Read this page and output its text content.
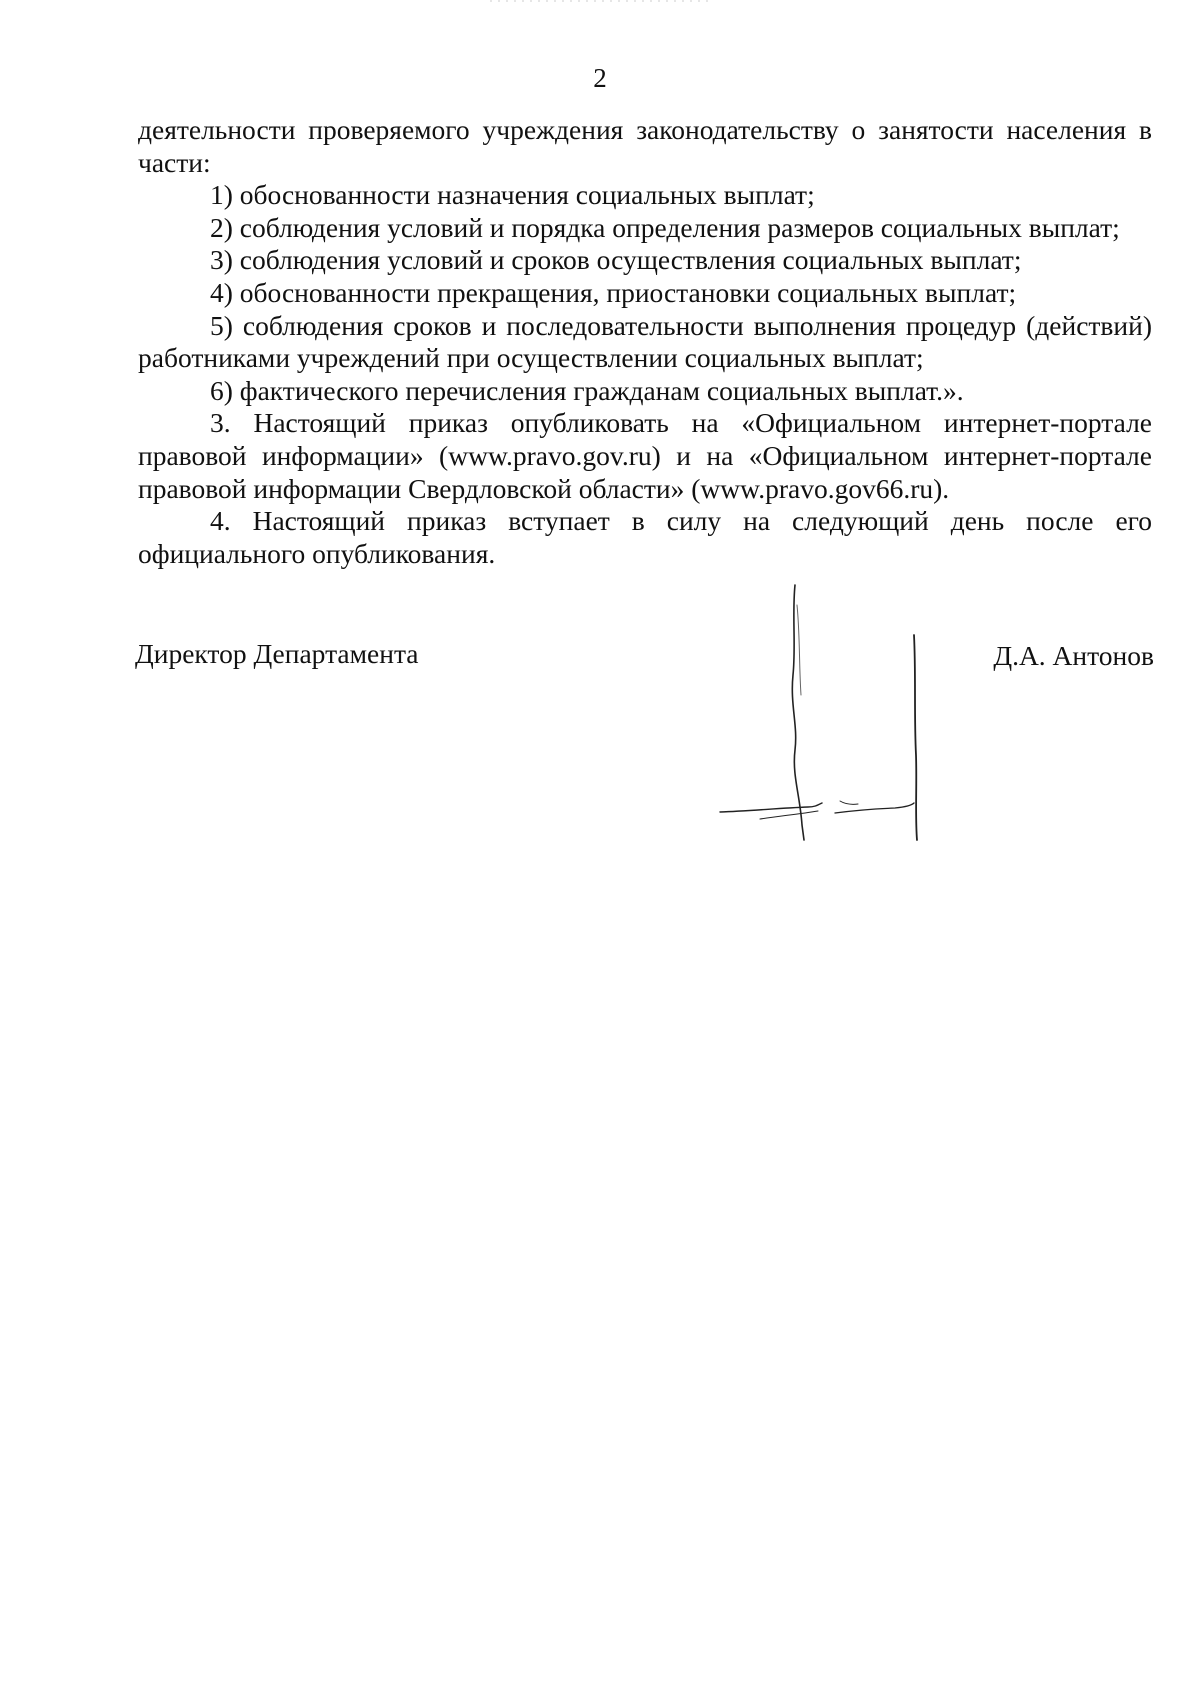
2

деятельности проверяемого учреждения законодательству о занятости населения в части:

1) обоснованности назначения социальных выплат;

2) соблюдения условий и порядка определения размеров социальных выплат;

3) соблюдения условий и сроков осуществления социальных выплат;

4) обоснованности прекращения, приостановки социальных выплат;

5) соблюдения сроков и последовательности выполнения процедур (действий) работниками учреждений при осуществлении социальных выплат;

6) фактического перечисления гражданам социальных выплат.».

3. Настоящий приказ опубликовать на «Официальном интернет-портале правовой информации» (www.pravo.gov.ru) и на «Официальном интернет-портале правовой информации Свердловской области» (www.pravo.gov66.ru).

4. Настоящий приказ вступает в силу на следующий день после его официального опубликования.

Директор Департамента	Д.А. Антонов
